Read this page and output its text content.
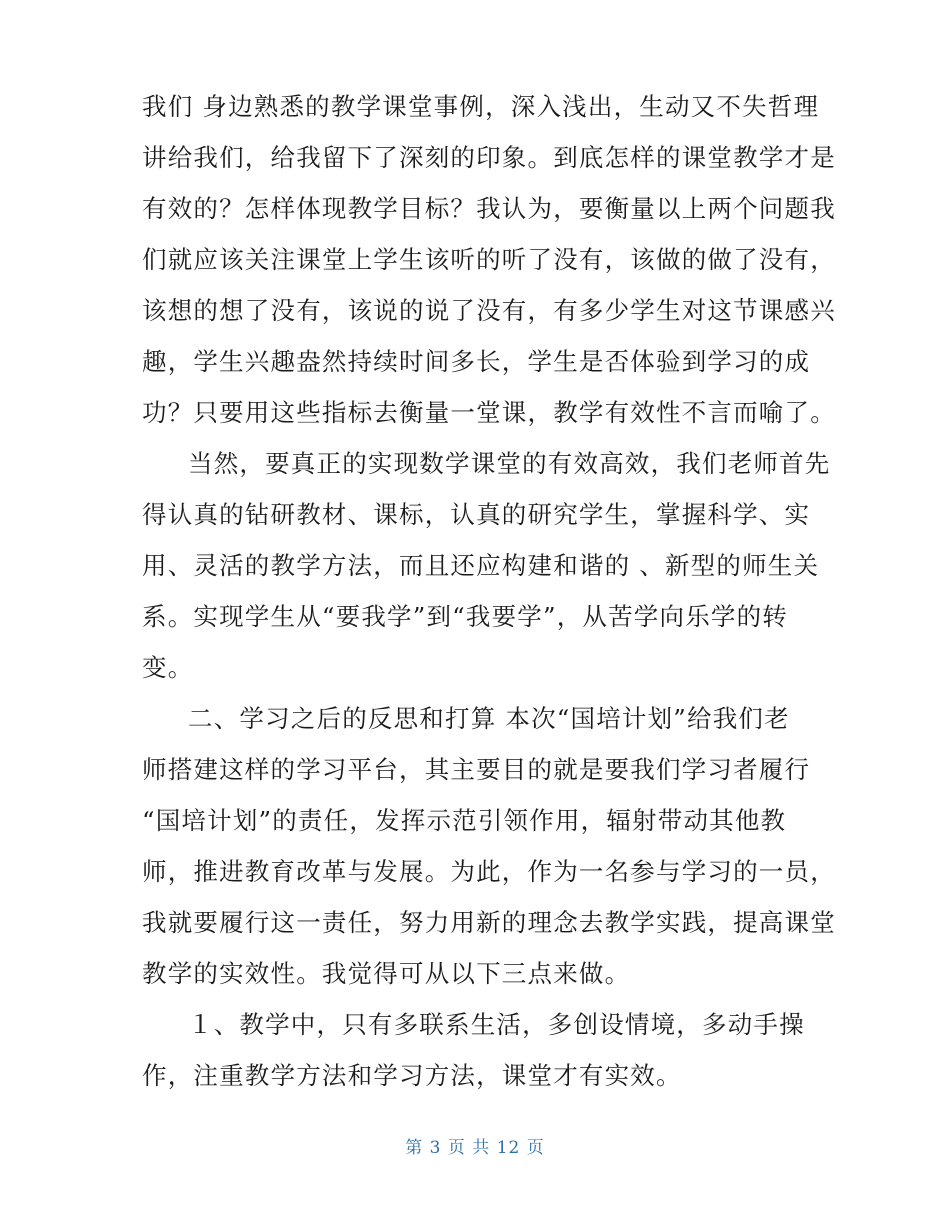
我们 身边熟悉的教学课堂事例，深入浅出，生动又不失哲理
讲给我们，给我留下了深刻的印象。到底怎样的课堂教学才是
有效的？怎样体现教学目标？我认为，要衡量以上两个问题我
们就应该关注课堂上学生该听的听了没有，该做的做了没有，
该想的想了没有，该说的说了没有，有多少学生对这节课感兴
趣，学生兴趣盎然持续时间多长，学生是否体验到学习的成
功？只要用这些指标去衡量一堂课，教学有效性不言而喻了。
当然，要真正的实现数学课堂的有效高效，我们老师首先
得认真的钻研教材、课标，认真的研究学生，掌握科学、实
用、灵活的教学方法，而且还应构建和谐的 、新型的师生关
系。实现学生从“要我学”到“我要学”，从苦学向乐学的转
变。
二、学习之后的反思和打算 本次“国培计划”给我们老
师搭建这样的学习平台，其主要目的就是要我们学习者履行
“国培计划”的责任，发挥示范引领作用，辐射带动其他教
师，推进教育改革与发展。为此，作为一名参与学习的一员，
我就要履行这一责任，努力用新的理念去教学实践，提高课堂
教学的实效性。我觉得可从以下三点来做。
１、教学中，只有多联系生活，多创设情境，多动手操
作，注重教学方法和学习方法，课堂才有实效。
第 3 页 共 12 页
